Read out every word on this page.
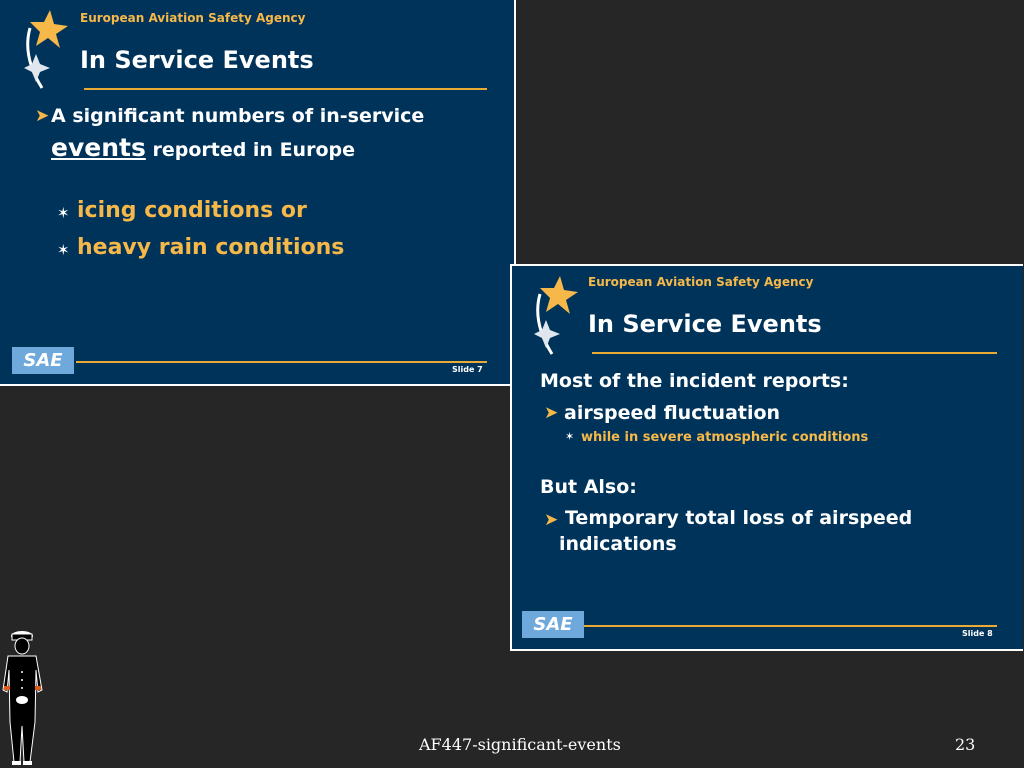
European Aviation Safety Agency
In Service Events
➤ A significant numbers of in-service events reported in Europe
✶ icing conditions or
✶ heavy rain conditions
SAE	Slide 7
European Aviation Safety Agency
In Service Events
Most of the incident reports:
➤ airspeed fluctuation
✶ while in severe atmospheric conditions
But Also:
➤ Temporary total loss of airspeed indications
SAE	Slide 8
AF447-significant-events	23
